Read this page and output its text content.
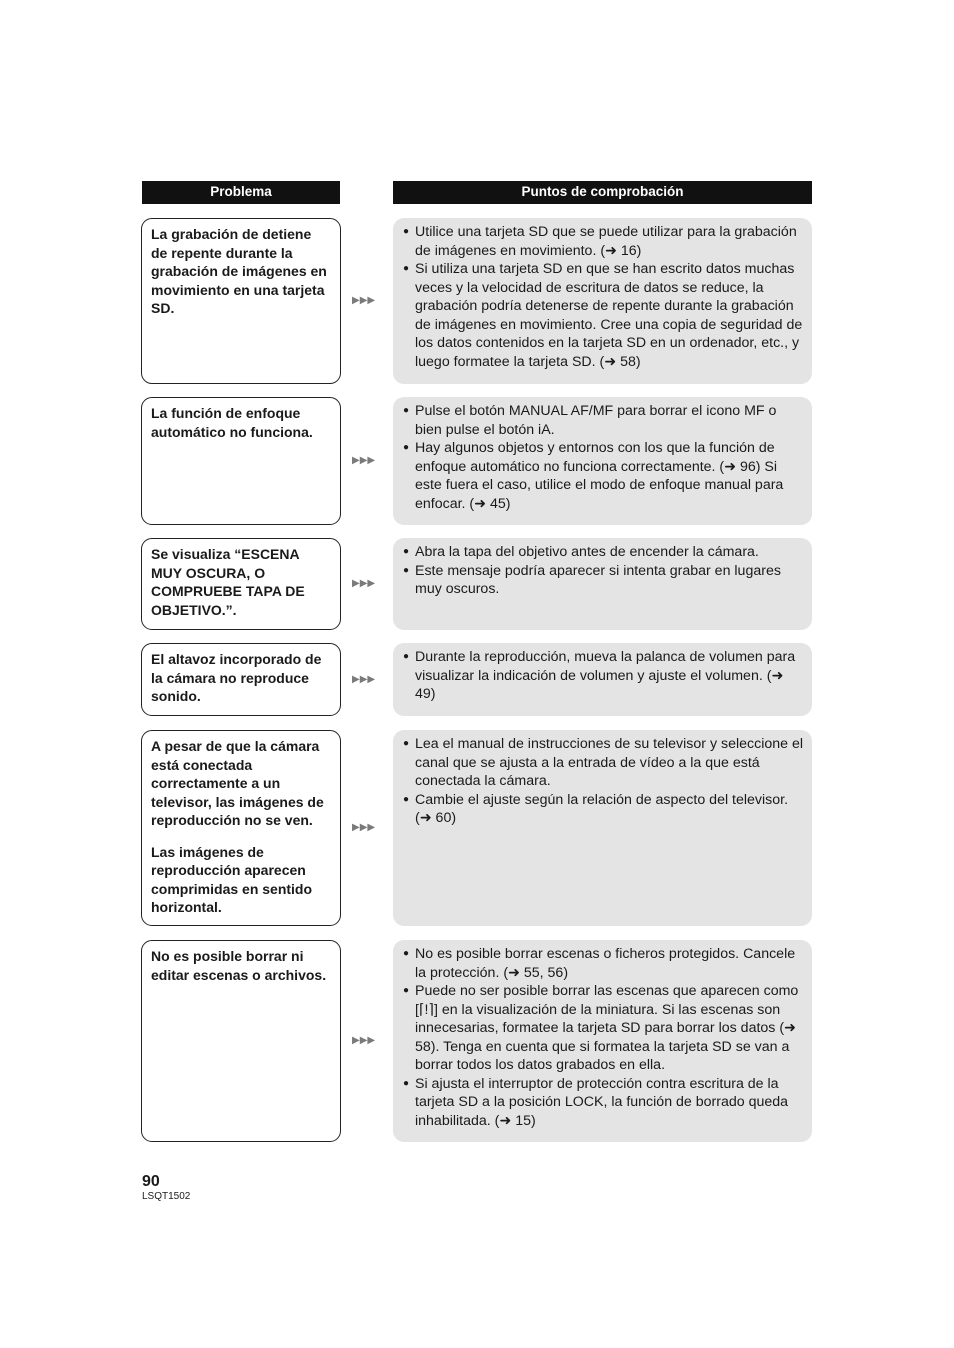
Problema	Puntos de comprobación

La grabación de detiene de repente durante la grabación de imágenes en movimiento en una tarjeta SD.	▶▶▶
● Utilice una tarjeta SD que se puede utilizar para la grabación de imágenes en movimiento. (➜ 16)
● Si utiliza una tarjeta SD en que se han escrito datos muchas veces y la velocidad de escritura de datos se reduce, la grabación podría detenerse de repente durante la grabación de imágenes en movimiento. Cree una copia de seguridad de los datos contenidos en la tarjeta SD en un ordenador, etc., y luego formatee la tarjeta SD. (➜ 58)

La función de enfoque automático no funciona.

▶▶▶
● Pulse el botón MANUAL AF/MF para borrar el icono MF o bien pulse el botón iA.
● Hay algunos objetos y entornos con los que la función de enfoque automático no funciona correctamente. (➜ 96) Si este fuera el caso, utilice el modo de enfoque manual para enfocar. (➜ 45)

Se visualiza “ESCENA MUY OSCURA, O COMPRUEBE TAPA DE OBJETIVO.”.

▶▶▶
● Abra la tapa del objetivo antes de encender la cámara.
● Este mensaje podría aparecer si intenta grabar en lugares muy oscuros.

El altavoz incorporado de la cámara no reproduce sonido.

▶▶▶
● Durante la reproducción, mueva la palanca de volumen para visualizar la indicación de volumen y ajuste el volumen. (➜ 49)

A pesar de que la cámara está conectada correctamente a un televisor, las imágenes de reproducción no se ven.

Las imágenes de reproducción aparecen comprimidas en sentido horizontal.

▶▶▶
● Lea el manual de instrucciones de su televisor y seleccione el canal que se ajusta a la entrada de vídeo a la que está conectada la cámara.
● Cambie el ajuste según la relación de aspecto del televisor. (➜ 60)

No es posible borrar ni editar escenas o archivos.

▶▶▶
● No es posible borrar escenas o ficheros protegidos. Cancele la protección. (➜ 55, 56)
● Puede no ser posible borrar las escenas que aparecen como [⌈!⌉] en la visualización de la miniatura. Si las escenas son innecesarias, formatee la tarjeta SD para borrar los datos (➜ 58). Tenga en cuenta que si formatea la tarjeta SD se van a borrar todos los datos grabados en ella.
● Si ajusta el interruptor de protección contra escritura de la tarjeta SD a la posición LOCK, la función de borrado queda inhabilitada. (➜ 15)
90
LSQT1502
